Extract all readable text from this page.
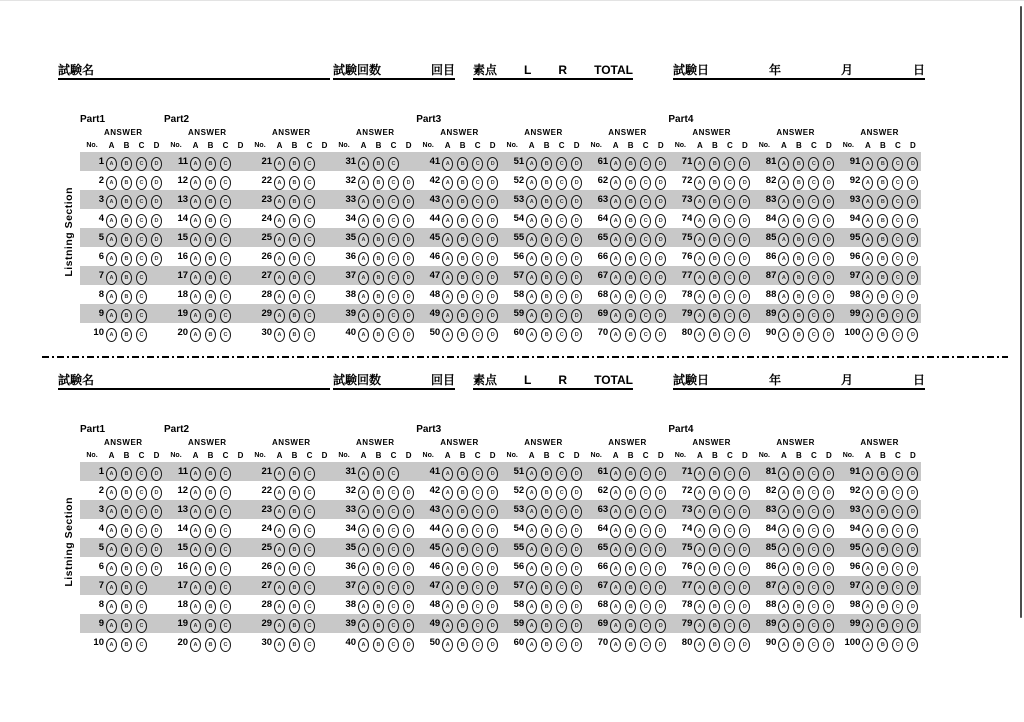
試験名	試験回数	回目 素点 L R TOTAL	試験日	年	月	日
	Part1					Part2															Part3															Part4														
Listning Section		ANSWER					ANSWER					ANSWER					ANSWER					ANSWER					ANSWER					ANSWER					ANSWER					ANSWER					ANSWER			
	No.	A	B	C	D	No.	A	B	C	D	No.	A	B	C	D	No.	A	B	C	D	No.	A	B	C	D	No.	A	B	C	D	No.	A	B	C	D	No.	A	B	C	D	No.	A	B	C	D	No.	A	B	C	D
	1	A	B	C	D	11	A	B	C		21	A	B	C		31	A	B	C		41	A	B	C	D	51	A	B	C	D	61	A	B	C	D	71	A	B	C	D	81	A	B	C	D	91	A	B	C	D
	2	A	B	C	D	12	A	B	C		22	A	B	C		32	A	B	C	D	42	A	B	C	D	52	A	B	C	D	62	A	B	C	D	72	A	B	C	D	82	A	B	C	D	92	A	B	C	D
	3	A	B	C	D	13	A	B	C		23	A	B	C		33	A	B	C	D	43	A	B	C	D	53	A	B	C	D	63	A	B	C	D	73	A	B	C	D	83	A	B	C	D	93	A	B	C	D
	4	A	B	C	D	14	A	B	C		24	A	B	C		34	A	B	C	D	44	A	B	C	D	54	A	B	C	D	64	A	B	C	D	74	A	B	C	D	84	A	B	C	D	94	A	B	C	D
	5	A	B	C	D	15	A	B	C		25	A	B	C		35	A	B	C	D	45	A	B	C	D	55	A	B	C	D	65	A	B	C	D	75	A	B	C	D	85	A	B	C	D	95	A	B	C	D
	6	A	B	C	D	16	A	B	C		26	A	B	C		36	A	B	C	D	46	A	B	C	D	56	A	B	C	D	66	A	B	C	D	76	A	B	C	D	86	A	B	C	D	96	A	B	C	D
	7	A	B	C		17	A	B	C		27	A	B	C		37	A	B	C	D	47	A	B	C	D	57	A	B	C	D	67	A	B	C	D	77	A	B	C	D	87	A	B	C	D	97	A	B	C	D
	8	A	B	C		18	A	B	C		28	A	B	C		38	A	B	C	D	48	A	B	C	D	58	A	B	C	D	68	A	B	C	D	78	A	B	C	D	88	A	B	C	D	98	A	B	C	D
	9	A	B	C		19	A	B	C		29	A	B	C		39	A	B	C	D	49	A	B	C	D	59	A	B	C	D	69	A	B	C	D	79	A	B	C	D	89	A	B	C	D	99	A	B	C	D
	10	A	B	C		20	A	B	C		30	A	B	C		40	A	B	C	D	50	A	B	C	D	60	A	B	C	D	70	A	B	C	D	80	A	B	C	D	90	A	B	C	D	100	A	B	C	D
試験名	試験回数	回目 素点 L R TOTAL	試験日	年	月	日
	Part1					Part2															Part3															Part4														
Listning Section		ANSWER					ANSWER					ANSWER					ANSWER					ANSWER					ANSWER					ANSWER					ANSWER					ANSWER					ANSWER			
	No.	A	B	C	D	No.	A	B	C	D	No.	A	B	C	D	No.	A	B	C	D	No.	A	B	C	D	No.	A	B	C	D	No.	A	B	C	D	No.	A	B	C	D	No.	A	B	C	D	No.	A	B	C	D
	1	A	B	C	D	11	A	B	C		21	A	B	C		31	A	B	C		41	A	B	C	D	51	A	B	C	D	61	A	B	C	D	71	A	B	C	D	81	A	B	C	D	91	A	B	C	D
	2	A	B	C	D	12	A	B	C		22	A	B	C		32	A	B	C	D	42	A	B	C	D	52	A	B	C	D	62	A	B	C	D	72	A	B	C	D	82	A	B	C	D	92	A	B	C	D
	3	A	B	C	D	13	A	B	C		23	A	B	C		33	A	B	C	D	43	A	B	C	D	53	A	B	C	D	63	A	B	C	D	73	A	B	C	D	83	A	B	C	D	93	A	B	C	D
	4	A	B	C	D	14	A	B	C		24	A	B	C		34	A	B	C	D	44	A	B	C	D	54	A	B	C	D	64	A	B	C	D	74	A	B	C	D	84	A	B	C	D	94	A	B	C	D
	5	A	B	C	D	15	A	B	C		25	A	B	C		35	A	B	C	D	45	A	B	C	D	55	A	B	C	D	65	A	B	C	D	75	A	B	C	D	85	A	B	C	D	95	A	B	C	D
	6	A	B	C	D	16	A	B	C		26	A	B	C		36	A	B	C	D	46	A	B	C	D	56	A	B	C	D	66	A	B	C	D	76	A	B	C	D	86	A	B	C	D	96	A	B	C	D
	7	A	B	C		17	A	B	C		27	A	B	C		37	A	B	C	D	47	A	B	C	D	57	A	B	C	D	67	A	B	C	D	77	A	B	C	D	87	A	B	C	D	97	A	B	C	D
	8	A	B	C		18	A	B	C		28	A	B	C		38	A	B	C	D	48	A	B	C	D	58	A	B	C	D	68	A	B	C	D	78	A	B	C	D	88	A	B	C	D	98	A	B	C	D
	9	A	B	C		19	A	B	C		29	A	B	C		39	A	B	C	D	49	A	B	C	D	59	A	B	C	D	69	A	B	C	D	79	A	B	C	D	89	A	B	C	D	99	A	B	C	D
	10	A	B	C		20	A	B	C		30	A	B	C		40	A	B	C	D	50	A	B	C	D	60	A	B	C	D	70	A	B	C	D	80	A	B	C	D	90	A	B	C	D	100	A	B	C	D
